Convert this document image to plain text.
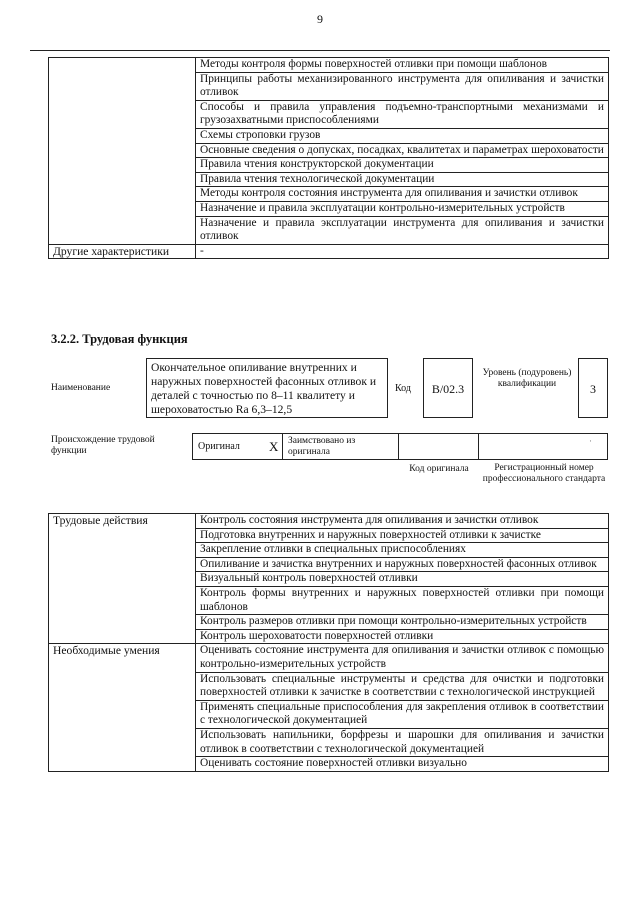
9
	Методы контроля формы поверхностей отливки при помощи шаблонов
	Принципы работы механизированного инструмента для опиливания и зачистки отливок
	Способы и правила управления подъемно-транспортными механизмами и грузозахватными приспособлениями
	Схемы строповки грузов
	Основные сведения о допусках, посадках, квалитетах и параметрах шероховатости
	Правила чтения конструкторской документации
	Правила чтения технологической документации
	Методы контроля состояния инструмента для опиливания и зачистки отливок
	Назначение и правила эксплуатации контрольно-измерительных устройств
	Назначение и правила эксплуатации инструмента для опиливания и зачистки отливок
Другие характеристики	-
3.2.2. Трудовая функция
Наименование
Окончательное опиливание внутренних и наружных поверхностей фасонных отливок и деталей с точностью по 8–11 квалитету и шероховатостью Ra 6,3–12,5
Код	B/02.3
Уровень (подуровень) квалификации	3
Происхождение трудовой функции	Оригинал	X	Заимствовано из оригинала
·
Код оригинала	Регистрационный номер профессионального стандарта
Трудовые действия	Контроль состояния инструмента для опиливания и зачистки отливок
	Подготовка внутренних и наружных поверхностей отливки к зачистке
	Закрепление отливки в специальных приспособлениях
	Опиливание и зачистка внутренних и наружных поверхностей фасонных отливок
	Визуальный контроль поверхностей отливки
	Контроль формы внутренних и наружных поверхностей отливки при помощи шаблонов
	Контроль размеров отливки при помощи контрольно-измерительных устройств
	Контроль шероховатости поверхностей отливки
Необходимые умения	Оценивать состояние инструмента для опиливания и зачистки отливок с помощью контрольно-измерительных устройств
	Использовать специальные инструменты и средства для очистки и подготовки поверхностей отливки к зачистке в соответствии с технологической инструкцией
	Применять специальные приспособления для закрепления отливок в соответствии с технологической документацией
	Использовать напильники, борфрезы и шарошки для опиливания и зачистки отливок в соответствии с технологической документацией
	Оценивать состояние поверхностей отливки визуально
